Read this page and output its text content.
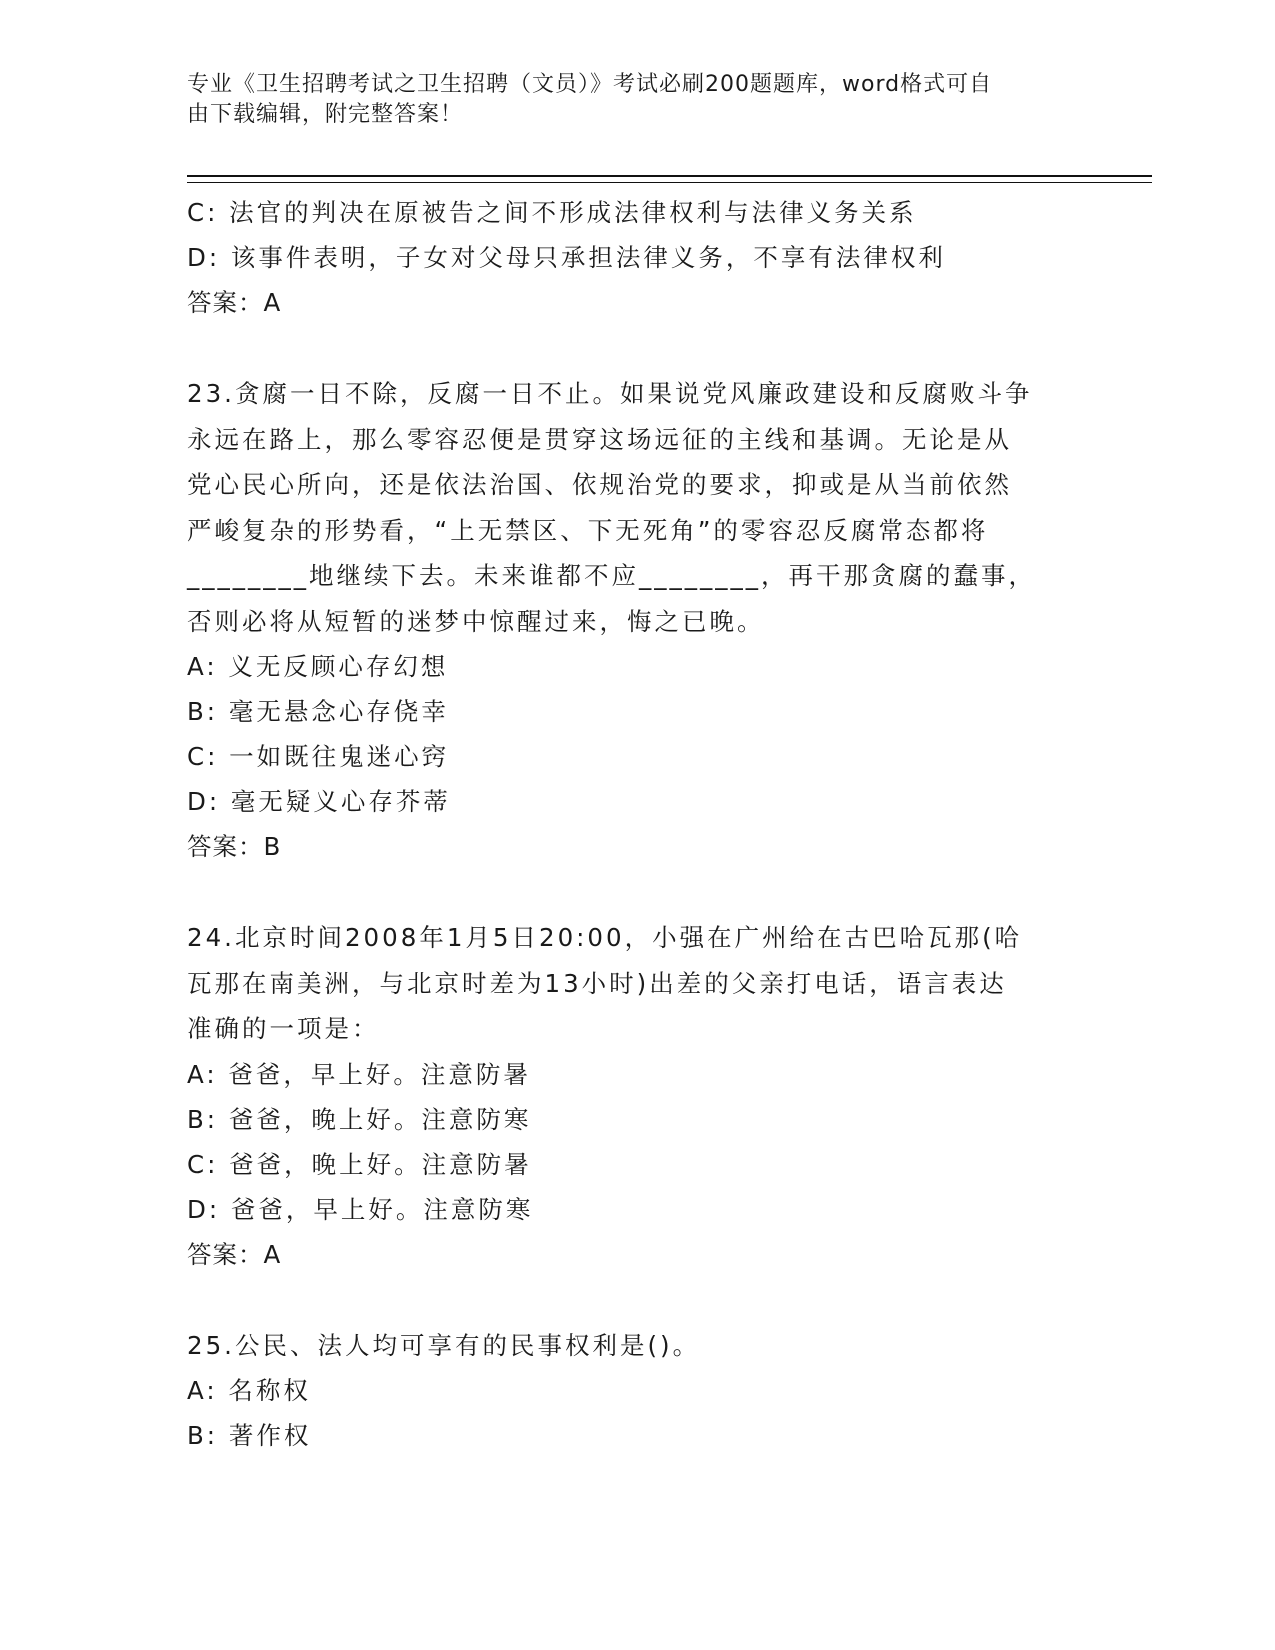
专业《卫生招聘考试之卫生招聘（文员）》考试必刷200题题库，word格式可自
由下载编辑，附完整答案！
C: 法官的判决在原被告之间不形成法律权利与法律义务关系
D: 该事件表明，子女对父母只承担法律义务，不享有法律权利
答案：A
23.贪腐一日不除，反腐一日不止。如果说党风廉政建设和反腐败斗争
永远在路上，那么零容忍便是贯穿这场远征的主线和基调。无论是从
党心民心所向，还是依法治国、依规治党的要求，抑或是从当前依然
严峻复杂的形势看，“上无禁区、下无死角”的零容忍反腐常态都将
________地继续下去。未来谁都不应________，再干那贪腐的蠢事，
否则必将从短暂的迷梦中惊醒过来，悔之已晚。
A: 义无反顾心存幻想
B: 毫无悬念心存侥幸
C: 一如既往鬼迷心窍
D: 毫无疑义心存芥蒂
答案：B
24.北京时间2008年1月5日20:00，小强在广州给在古巴哈瓦那(哈
瓦那在南美洲，与北京时差为13小时)出差的父亲打电话，语言表达
准确的一项是：
A: 爸爸，早上好。注意防暑
B: 爸爸，晚上好。注意防寒
C: 爸爸，晚上好。注意防暑
D: 爸爸，早上好。注意防寒
答案：A
25.公民、法人均可享有的民事权利是()。
A: 名称权
B: 著作权
